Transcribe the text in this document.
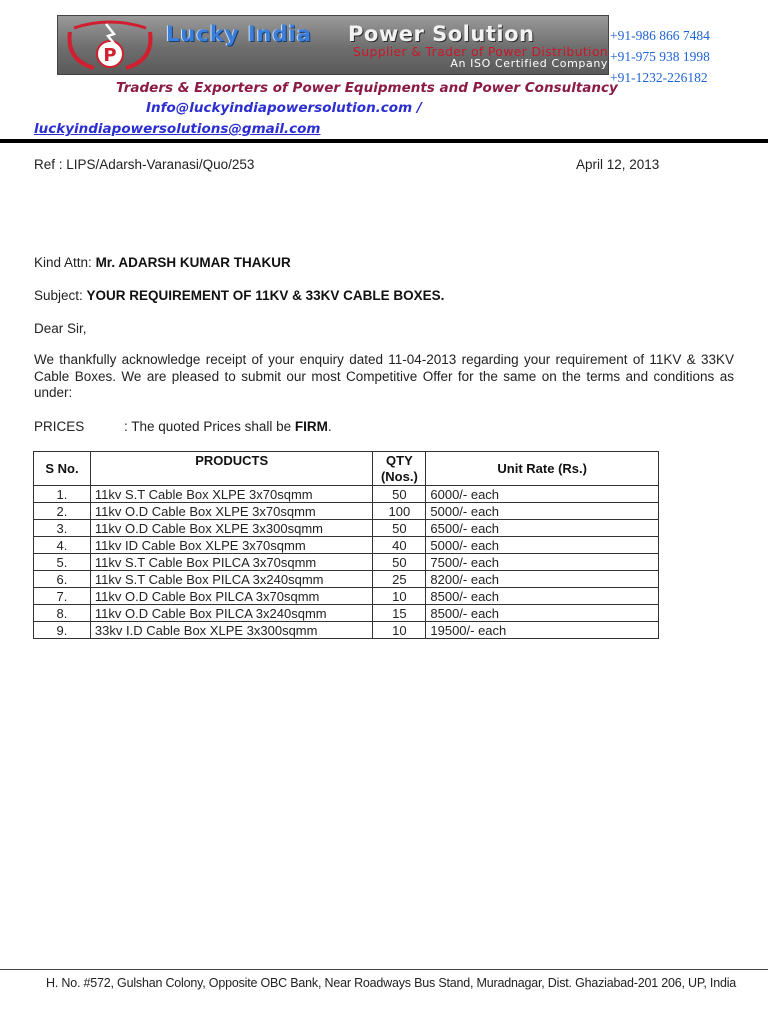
P
Lucky India Power Solution
Supplier & Trader of Power Distribution
An ISO Certified Company
+91-986 866 7484
+91-975 938 1998
+91-1232-226182
Traders & Exporters of Power Equipments and Power Consultancy
Info@luckyindiapowersolution.com /
luckyindiapowersolutions@gmail.com
Ref : LIPS/Adarsh-Varanasi/Quo/253	April 12, 2013
Kind Attn: Mr. ADARSH KUMAR THAKUR
Subject: YOUR REQUIREMENT OF 11KV & 33KV CABLE BOXES.
Dear Sir,
We thankfully acknowledge receipt of your enquiry dated 11-04-2013 regarding your requirement of 11KV & 33KV Cable Boxes. We are pleased to submit our most Competitive Offer for the same on the terms and conditions as under:
PRICES	: The quoted Prices shall be FIRM.
S No.	PRODUCTS	QTY
(Nos.)	Unit Rate (Rs.)
1.	11kv S.T Cable Box XLPE 3x70sqmm	50	6000/- each
2.	11kv O.D Cable Box XLPE 3x70sqmm	100	5000/- each
3.	11kv O.D Cable Box XLPE 3x300sqmm	50	6500/- each
4.	11kv ID Cable Box XLPE 3x70sqmm	40	5000/- each
5.	11kv S.T Cable Box PILCA 3x70sqmm	50	7500/- each
6.	11kv S.T Cable Box PILCA 3x240sqmm	25	8200/- each
7.	11kv O.D Cable Box PILCA 3x70sqmm	10	8500/- each
8.	11kv O.D Cable Box PILCA 3x240sqmm	15	8500/- each
9.	33kv I.D Cable Box XLPE 3x300sqmm	10	19500/- each
H. No. #572, Gulshan Colony, Opposite OBC Bank, Near Roadways Bus Stand, Muradnagar, Dist. Ghaziabad-201 206, UP, India
